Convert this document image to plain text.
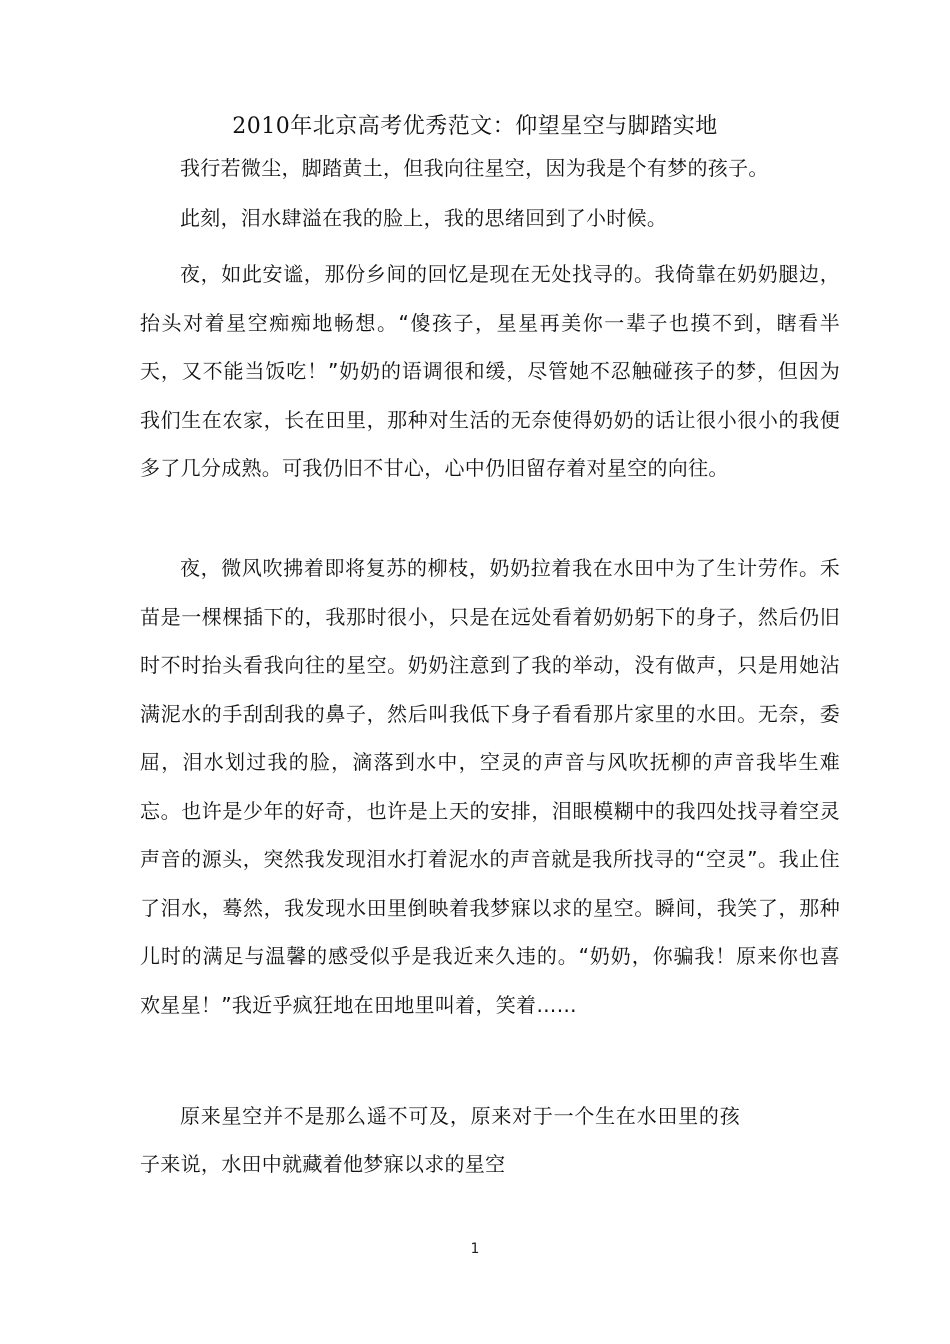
2010年北京高考优秀范文：仰望星空与脚踏实地

我行若微尘，脚踏黄土，但我向往星空，因为我是个有梦的孩子。

此刻，泪水肆溢在我的脸上，我的思绪回到了小时候。

夜，如此安谧，那份乡间的回忆是现在无处找寻的。我倚靠在奶奶腿边，抬头对着星空痴痴地畅想。“傻孩子，星星再美你一辈子也摸不到，瞎看半天，又不能当饭吃！”奶奶的语调很和缓，尽管她不忍触碰孩子的梦，但因为我们生在农家，长在田里，那种对生活的无奈使得奶奶的话让很小很小的我便多了几分成熟。可我仍旧不甘心，心中仍旧留存着对星空的向往。

夜，微风吹拂着即将复苏的柳枝，奶奶拉着我在水田中为了生计劳作。禾苗是一棵棵插下的，我那时很小，只是在远处看着奶奶躬下的身子，然后仍旧时不时抬头看我向往的星空。奶奶注意到了我的举动，没有做声，只是用她沾满泥水的手刮刮我的鼻子，然后叫我低下身子看看那片家里的水田。无奈，委屈，泪水划过我的脸，滴落到水中，空灵的声音与风吹抚柳的声音我毕生难忘。也许是少年的好奇，也许是上天的安排，泪眼模糊中的我四处找寻着空灵声音的源头，突然我发现泪水打着泥水的声音就是我所找寻的“空灵”。我止住了泪水，蓦然，我发现水田里倒映着我梦寐以求的星空。瞬间，我笑了，那种儿时的满足与温馨的感受似乎是我近来久违的。“奶奶，你骗我！原来你也喜欢星星！”我近乎疯狂地在田地里叫着，笑着……

原来星空并不是那么遥不可及，原来对于一个生在水田里的孩子来说，水田中就藏着他梦寐以求的星空

1
